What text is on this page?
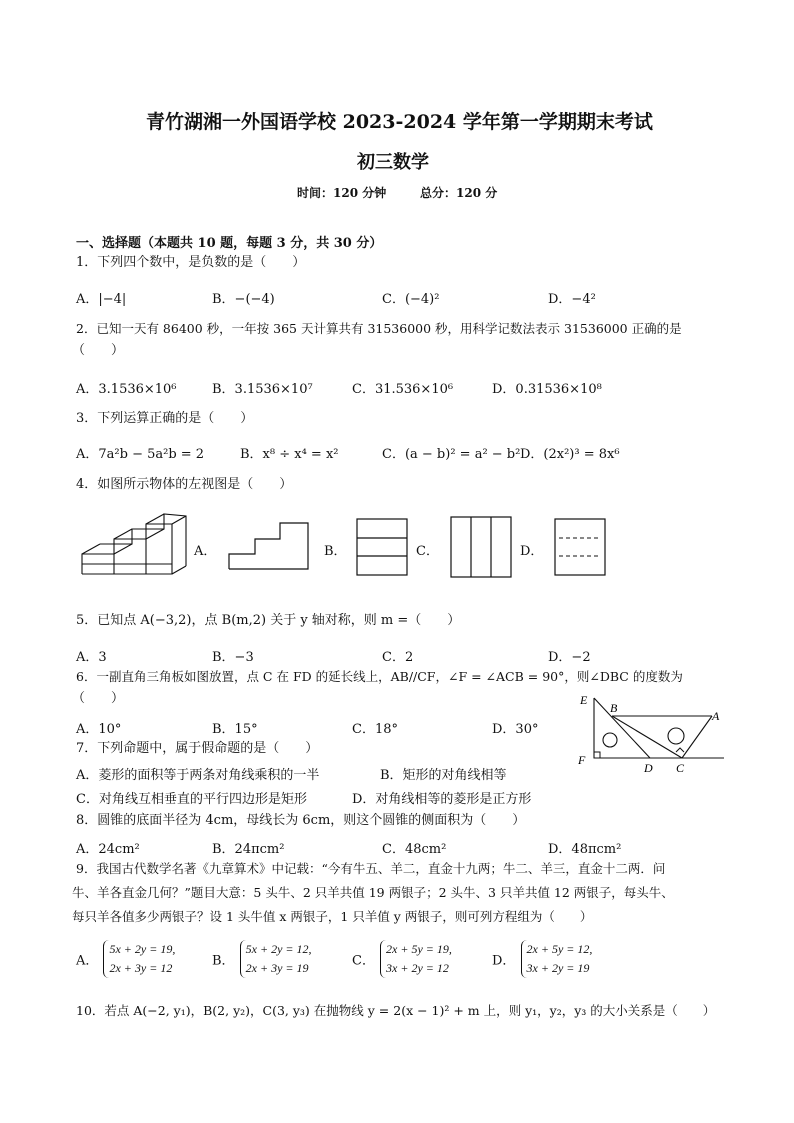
青竹湖湘一外国语学校 2023-2024 学年第一学期期末考试
初三数学
时间：120 分钟	总分：120 分
一、选择题（本题共 10 题，每题 3 分，共 30 分）
1．下列四个数中，是负数的是（　　）
A．|−4|	B．−(−4)	C．(−4)²	D．−4²
2．已知一天有 86400 秒，一年按 365 天计算共有 31536000 秒，用科学记数法表示 31536000 正确的是
（　　）
A．3.1536×10⁶	B．3.1536×10⁷	C．31.536×10⁶	D．0.31536×10⁸
3．下列运算正确的是（　　）
A．7a²b − 5a²b = 2	B．x⁸ ÷ x⁴ = x²	C．(a − b)² = a² − b² D．(2x²)³ = 8x⁶
4．如图所示物体的左视图是（　　）
A．	B．	C．	D．
5．已知点 A(−3,2)，点 B(m,2) 关于 y 轴对称，则 m =（　　）
A．3	B．−3	C．2	D．−2
6．一副直角三角板如图放置，点 C 在 FD 的延长线上，AB//CF，∠F = ∠ACB = 90°，则∠DBC 的度数为
（　　）
A．10°	B．15°	C．18°	D．30°
E
B
A
F
D C
7．下列命题中，属于假命题的是（　　）
A．菱形的面积等于两条对角线乘积的一半	B．矩形的对角线相等
C．对角线互相垂直的平行四边形是矩形	D．对角线相等的菱形是正方形
8．圆锥的底面半径为 4cm，母线长为 6cm，则这个圆锥的侧面积为（　　）
A．24cm²	B．24πcm²	C．48cm²	D．48πcm²
9．我国古代数学名著《九章算术》中记载：“今有牛五、羊二，直金十九两；牛二、羊三，直金十二两．问
牛、羊各直金几何？”题目大意：5 头牛、2 只羊共值 19 两银子；2 头牛、3 只羊共值 12 两银子，每头牛、
每只羊各值多少两银子？设 1 头牛值 x 两银子，1 只羊值 y 两银子，则可列方程组为（　　）
A．
5x + 2y = 19,
2x + 3y = 12	B．
5x + 2y = 12,
2x + 3y = 19	C．
2x + 5y = 19,
3x + 2y = 12	D．
2x + 5y = 12,
3x + 2y = 19
10．若点 A(−2, y₁)，B(2, y₂)，C(3, y₃) 在抛物线 y = 2(x − 1)² + m 上，则 y₁，y₂，y₃ 的大小关系是（　　）
